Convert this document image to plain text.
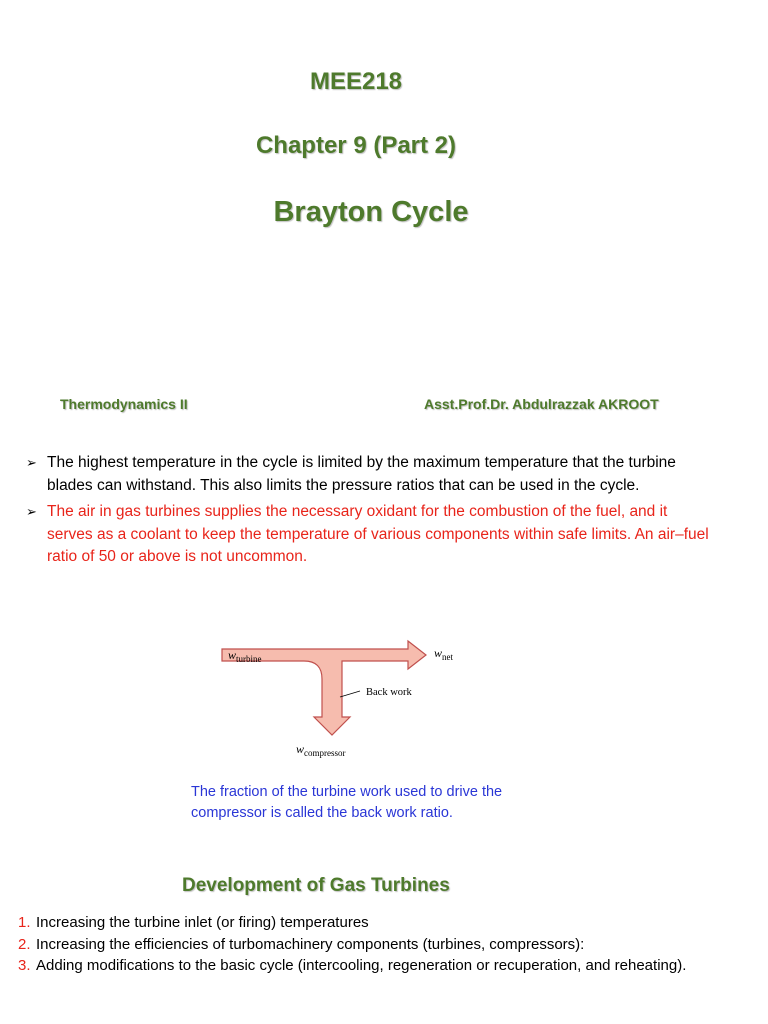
MEE218
Chapter 9 (Part 2)
Brayton Cycle
Thermodynamics II	Asst.Prof.Dr. Abdulrazzak AKROOT
➢ The highest temperature in the cycle is limited by the maximum temperature that the turbine blades can withstand. This also limits the pressure ratios that can be used in the cycle.
➢ The air in gas turbines supplies the necessary oxidant for the combustion of the fuel, and it serves as a coolant to keep the temperature of various components within safe limits. An air–fuel ratio of 50 or above is not uncommon.
$w_{turbine}$	$w_{net}$
Back work
$w_{compressor}$
The fraction of the turbine work used to drive the compressor is called the back work ratio.
Development of Gas Turbines
1. Increasing the turbine inlet (or firing) temperatures
2. Increasing the efficiencies of turbomachinery components (turbines, compressors):
3. Adding modifications to the basic cycle (intercooling, regeneration or recuperation, and reheating).
